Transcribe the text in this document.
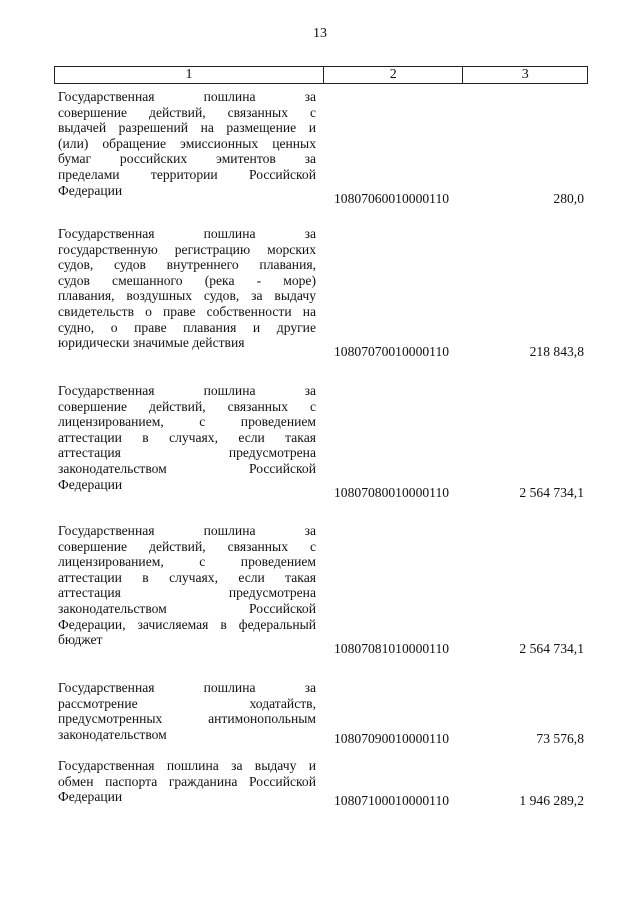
13
1	2	3
Государственная пошлина за
совершение действий, связанных с
выдачей разрешений на размещение и
(или) обращение эмиссионных ценных
бумаг российских эмитентов за
пределами территории Российской
Федерации
10807060010000110	280,0
Государственная пошлина за
государственную регистрацию морских
судов, судов внутреннего плавания,
судов смешанного (река - море)
плавания, воздушных судов, за выдачу
свидетельств о праве собственности на
судно, о праве плавания и другие
юридически значимые действия
10807070010000110	218 843,8
Государственная пошлина за
совершение действий, связанных с
лицензированием, с проведением
аттестации в случаях, если такая
аттестация предусмотрена
законодательством Российской
Федерации
10807080010000110	2 564 734,1
Государственная пошлина за
совершение действий, связанных с
лицензированием, с проведением
аттестации в случаях, если такая
аттестация предусмотрена
законодательством Российской
Федерации, зачисляемая в федеральный
бюджет
10807081010000110	2 564 734,1
Государственная пошлина за
рассмотрение ходатайств,
предусмотренных антимонопольным
законодательством	10807090010000110	73 576,8
Государственная пошлина за выдачу и
обмен паспорта гражданина Российской
Федерации	10807100010000110	1 946 289,2
